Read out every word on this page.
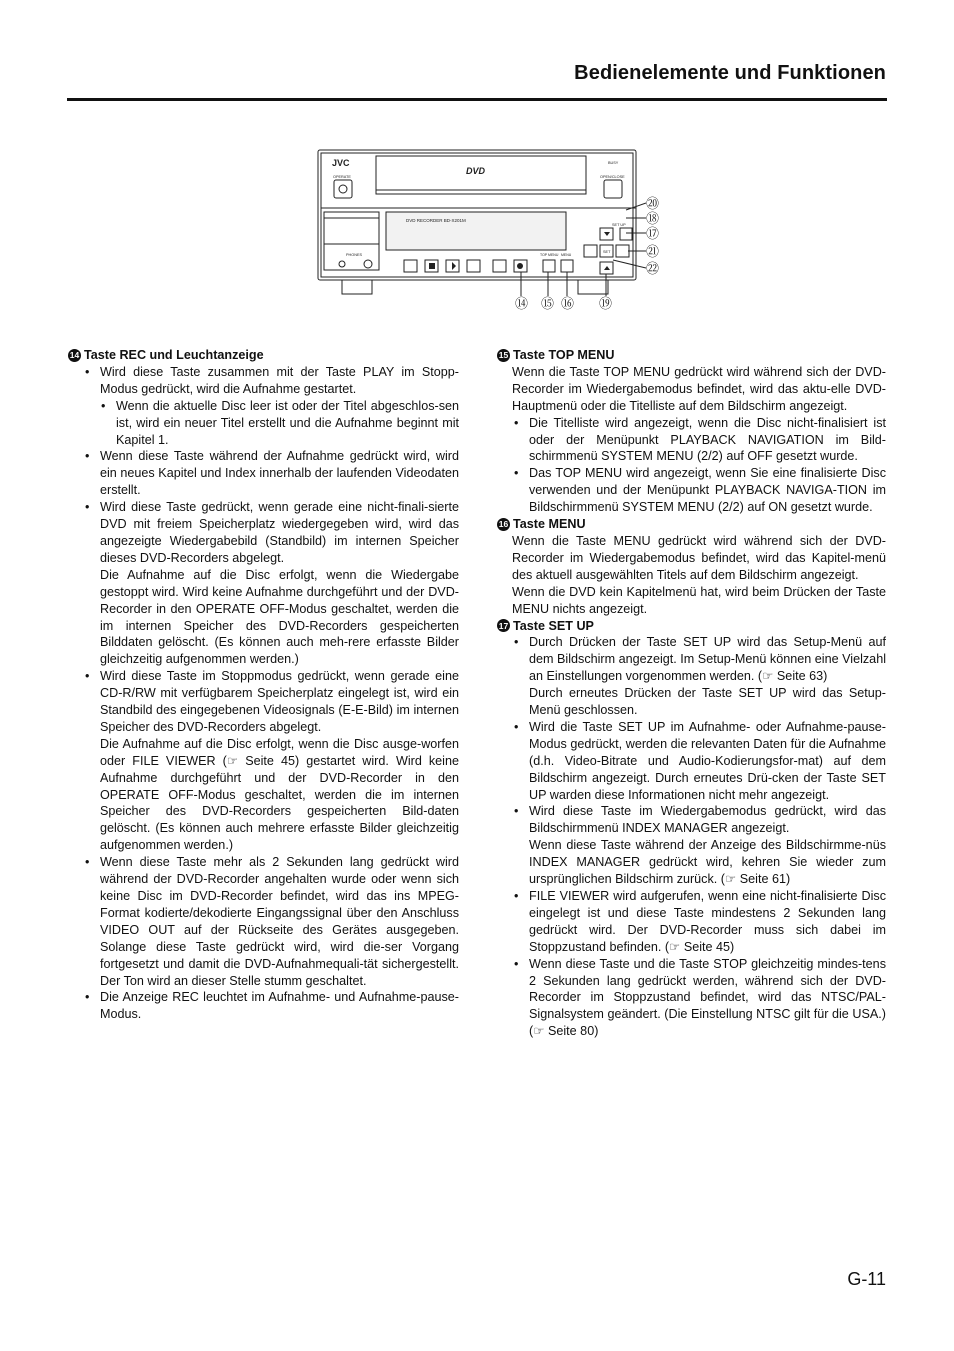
Bedienelemente und Funktionen
JVC
DVD
DVD RECORDER BD-X201M
OPERATE
BUSY
OPEN/CLOSE
SET UP
SET
TOP MENU MENU
PHONES
⑳
⑱
⑰
㉑
㉒
⑭ ⑮ ⑯ ⑲
14 Taste REC und Leuchtanzeige
• Wird diese Taste zusammen mit der Taste PLAY im Stopp-Modus gedrückt, wird die Aufnahme gestartet.
• Wenn die aktuelle Disc leer ist oder der Titel abgeschlos-sen ist, wird ein neuer Titel erstellt und die Aufnahme beginnt mit Kapitel 1.
• Wenn diese Taste während der Aufnahme gedrückt wird, wird ein neues Kapitel und Index innerhalb der laufenden Videodaten erstellt.
• Wird diese Taste gedrückt, wenn gerade eine nicht-finali-sierte DVD mit freiem Speicherplatz wiedergegeben wird, wird das angezeigte Wiedergabebild (Standbild) im internen Speicher dieses DVD-Recorders abgelegt.
Die Aufnahme auf die Disc erfolgt, wenn die Wiedergabe gestoppt wird. Wird keine Aufnahme durchgeführt und der DVD-Recorder in den OPERATE OFF-Modus geschaltet, werden die im internen Speicher des DVD-Recorders gespeicherten Bilddaten gelöscht. (Es können auch meh-rere erfasste Bilder gleichzeitig aufgenommen werden.)
• Wird diese Taste im Stoppmodus gedrückt, wenn gerade eine CD-R/RW mit verfügbarem Speicherplatz eingelegt ist, wird ein Standbild des eingegebenen Videosignals (E-E-Bild) im internen Speicher des DVD-Recorders abgelegt.
Die Aufnahme auf die Disc erfolgt, wenn die Disc ausge-worfen oder FILE VIEWER (☞ Seite 45) gestartet wird. Wird keine Aufnahme durchgeführt und der DVD-Recorder in den OPERATE OFF-Modus geschaltet, werden die im internen Speicher des DVD-Recorders gespeicherten Bild-daten gelöscht. (Es können auch mehrere erfasste Bilder gleichzeitig aufgenommen werden.)
• Wenn diese Taste mehr als 2 Sekunden lang gedrückt wird während der DVD-Recorder angehalten wurde oder wenn sich keine Disc im DVD-Recorder befindet, wird das ins MPEG-Format kodierte/dekodierte Eingangssignal über den Anschluss VIDEO OUT auf der Rückseite des Gerätes ausgegeben. Solange diese Taste gedrückt wird, wird die-ser Vorgang fortgesetzt und damit die DVD-Aufnahmequali-tät sichergestellt. Der Ton wird an dieser Stelle stumm geschaltet.
• Die Anzeige REC leuchtet im Aufnahme- und Aufnahme-pause-Modus.
15 Taste TOP MENU
Wenn die Taste TOP MENU gedrückt wird während sich der DVD-Recorder im Wiedergabemodus befindet, wird das aktu-elle DVD-Hauptmenü oder die Titelliste auf dem Bildschirm angezeigt.
• Die Titelliste wird angezeigt, wenn die Disc nicht-finalisiert ist oder der Menüpunkt PLAYBACK NAVIGATION im Bild-schirmmenü SYSTEM MENU (2/2) auf OFF gesetzt wurde.
• Das TOP MENU wird angezeigt, wenn Sie eine finalisierte Disc verwenden und der Menüpunkt PLAYBACK NAVIGA-TION im Bildschirmmenü SYSTEM MENU (2/2) auf ON gesetzt wurde.
16 Taste MENU
Wenn die Taste MENU gedrückt wird während sich der DVD-Recorder im Wiedergabemodus befindet, wird das Kapitel-menü des aktuell ausgewählten Titels auf dem Bildschirm angezeigt.
Wenn die DVD kein Kapitelmenü hat, wird beim Drücken der Taste MENU nichts angezeigt.
17 Taste SET UP
• Durch Drücken der Taste SET UP wird das Setup-Menü auf dem Bildschirm angezeigt. Im Setup-Menü können eine Vielzahl an Einstellungen vorgenommen werden. (☞ Seite 63)
Durch erneutes Drücken der Taste SET UP wird das Setup-Menü geschlossen.
• Wird die Taste SET UP im Aufnahme- oder Aufnahme-pause-Modus gedrückt, werden die relevanten Daten für die Aufnahme (d.h. Video-Bitrate und Audio-Kodierungsfor-mat) auf dem Bildschirm angezeigt. Durch erneutes Drü-cken der Taste SET UP warden diese Informationen nicht mehr angezeigt.
• Wird diese Taste im Wiedergabemodus gedrückt, wird das Bildschirmmenü INDEX MANAGER angezeigt.
Wenn diese Taste während der Anzeige des Bildschirmme-nüs INDEX MANAGER gedrückt wird, kehren Sie wieder zum ursprünglichen Bildschirm zurück. (☞ Seite 61)
• FILE VIEWER wird aufgerufen, wenn eine nicht-finalisierte Disc eingelegt ist und diese Taste mindestens 2 Sekunden lang gedrückt wird. Der DVD-Recorder muss sich dabei im Stoppzustand befinden. (☞ Seite 45)
• Wenn diese Taste und die Taste STOP gleichzeitig mindes-tens 2 Sekunden lang gedrückt werden, während sich der DVD-Recorder im Stoppzustand befindet, wird das NTSC/PAL-Signalsystem geändert. (Die Einstellung NTSC gilt für die USA.) (☞ Seite 80)
G-11
